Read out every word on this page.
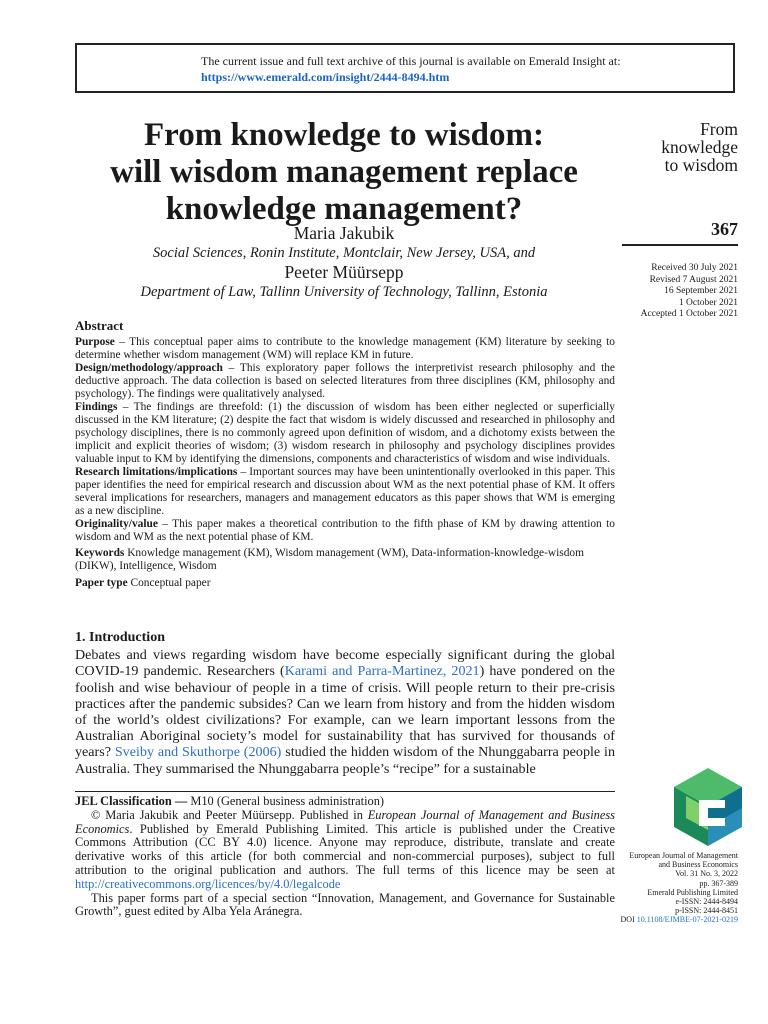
The current issue and full text archive of this journal is available on Emerald Insight at:
https://www.emerald.com/insight/2444-8494.htm
From knowledge to wisdom:
will wisdom management replace
knowledge management?
From
knowledge
to wisdom
367
Maria Jakubik
Social Sciences, Ronin Institute, Montclair, New Jersey, USA, and
Peeter Müürsepp
Department of Law, Tallinn University of Technology, Tallinn, Estonia
Received 30 July 2021
Revised 7 August 2021
16 September 2021
1 October 2021
Accepted 1 October 2021
Abstract

Purpose – This conceptual paper aims to contribute to the knowledge management (KM) literature by seeking to determine whether wisdom management (WM) will replace KM in future.

Design/methodology/approach – This exploratory paper follows the interpretivist research philosophy and the deductive approach. The data collection is based on selected literatures from three disciplines (KM, philosophy and psychology). The findings were qualitatively analysed.

Findings – The findings are threefold: (1) the discussion of wisdom has been either neglected or superficially discussed in the KM literature; (2) despite the fact that wisdom is widely discussed and researched in philosophy and psychology disciplines, there is no commonly agreed upon definition of wisdom, and a dichotomy exists between the implicit and explicit theories of wisdom; (3) wisdom research in philosophy and psychology disciplines provides valuable input to KM by identifying the dimensions, components and characteristics of wisdom and wise individuals.

Research limitations/implications – Important sources may have been unintentionally overlooked in this paper. This paper identifies the need for empirical research and discussion about WM as the next potential phase of KM. It offers several implications for researchers, managers and management educators as this paper shows that WM is emerging as a new discipline.

Originality/value – This paper makes a theoretical contribution to the fifth phase of KM by drawing attention to wisdom and WM as the next potential phase of KM.

Keywords Knowledge management (KM), Wisdom management (WM), Data-information-knowledge-wisdom (DIKW), Intelligence, Wisdom

Paper type Conceptual paper

1. Introduction

Debates and views regarding wisdom have become especially significant during the global COVID-19 pandemic. Researchers (Karami and Parra-Martinez, 2021) have pondered on the foolish and wise behaviour of people in a time of crisis. Will people return to their pre-crisis practices after the pandemic subsides? Can we learn from history and from the hidden wisdom of the world’s oldest civilizations? For example, can we learn important lessons from the Australian Aboriginal society’s model for sustainability that has survived for thousands of years? Sveiby and Skuthorpe (2006) studied the hidden wisdom of the Nhunggabarra people in Australia. They summarised the Nhunggabarra people’s “recipe” for a sustainable

JEL Classification — M10 (General business administration)

© Maria Jakubik and Peeter Müürsepp. Published in European Journal of Management and Business Economics. Published by Emerald Publishing Limited. This article is published under the Creative Commons Attribution (CC BY 4.0) licence. Anyone may reproduce, distribute, translate and create derivative works of this article (for both commercial and non-commercial purposes), subject to full attribution to the original publication and authors. The full terms of this licence may be seen at http://creativecommons.org/licences/by/4.0/legalcode

This paper forms part of a special section “Innovation, Management, and Governance for Sustainable Growth”, guest edited by Alba Yela Aránegra.

European Journal of Management
and Business Economics
Vol. 31 No. 3, 2022
pp. 367-389
Emerald Publishing Limited
e-ISSN: 2444-8494
p-ISSN: 2444-8451
DOI 10.1108/EJMBE-07-2021-0219
